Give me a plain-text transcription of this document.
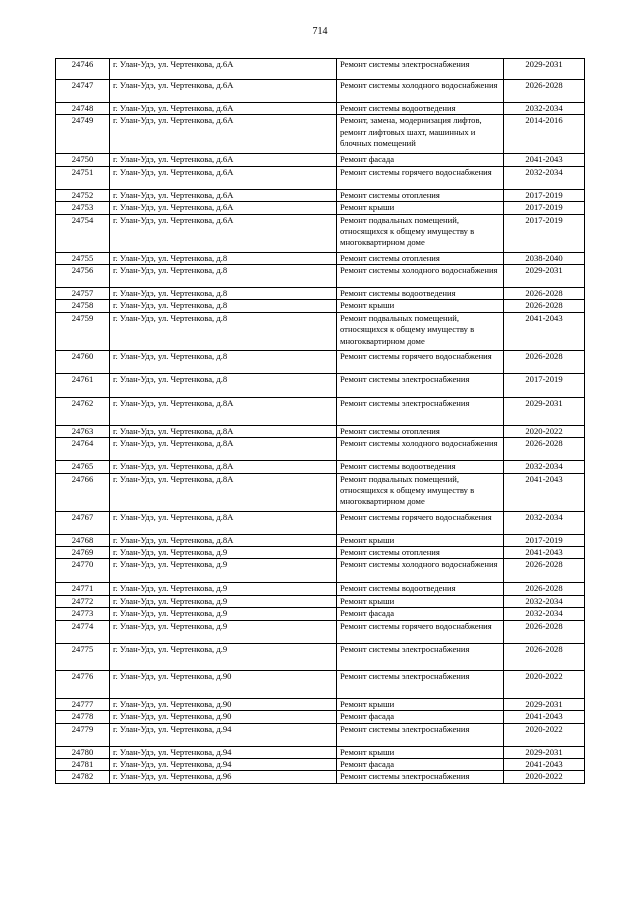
714
24746	г. Улан-Удэ, ул. Чертенкова, д.6А	Ремонт системы электроснабжения	2029-2031
24747	г. Улан-Удэ, ул. Чертенкова, д.6А	Ремонт системы холодного водоснабжения	2026-2028
24748	г. Улан-Удэ, ул. Чертенкова, д.6А	Ремонт системы водоотведения	2032-2034
24749	г. Улан-Удэ, ул. Чертенкова, д.6А	Ремонт, замена, модернизация лифтов, ремонт лифтовых шахт, машинных и блочных помещений	2014-2016
24750	г. Улан-Удэ, ул. Чертенкова, д.6А	Ремонт фасада	2041-2043
24751	г. Улан-Удэ, ул. Чертенкова, д.6А	Ремонт системы горячего водоснабжения	2032-2034
24752	г. Улан-Удэ, ул. Чертенкова, д.6А	Ремонт системы отопления	2017-2019
24753	г. Улан-Удэ, ул. Чертенкова, д.6А	Ремонт крыши	2017-2019
24754	г. Улан-Удэ, ул. Чертенкова, д.6А	Ремонт подвальных помещений, относящихся к общему имуществу в многоквартирном доме	2017-2019
24755	г. Улан-Удэ, ул. Чертенкова, д.8	Ремонт системы отопления	2038-2040
24756	г. Улан-Удэ, ул. Чертенкова, д.8	Ремонт системы холодного водоснабжения	2029-2031
24757	г. Улан-Удэ, ул. Чертенкова, д.8	Ремонт системы водоотведения	2026-2028
24758	г. Улан-Удэ, ул. Чертенкова, д.8	Ремонт крыши	2026-2028
24759	г. Улан-Удэ, ул. Чертенкова, д.8	Ремонт подвальных помещений, относящихся к общему имуществу в многоквартирном доме	2041-2043
24760	г. Улан-Удэ, ул. Чертенкова, д.8	Ремонт системы горячего водоснабжения	2026-2028
24761	г. Улан-Удэ, ул. Чертенкова, д.8	Ремонт системы электроснабжения	2017-2019
24762	г. Улан-Удэ, ул. Чертенкова, д.8А	Ремонт системы электроснабжения	2029-2031
24763	г. Улан-Удэ, ул. Чертенкова, д.8А	Ремонт системы отопления	2020-2022
24764	г. Улан-Удэ, ул. Чертенкова, д.8А	Ремонт системы холодного водоснабжения	2026-2028
24765	г. Улан-Удэ, ул. Чертенкова, д.8А	Ремонт системы водоотведения	2032-2034
24766	г. Улан-Удэ, ул. Чертенкова, д.8А	Ремонт подвальных помещений, относящихся к общему имуществу в многоквартирном доме	2041-2043
24767	г. Улан-Удэ, ул. Чертенкова, д.8А	Ремонт системы горячего водоснабжения	2032-2034
24768	г. Улан-Удэ, ул. Чертенкова, д.8А	Ремонт крыши	2017-2019
24769	г. Улан-Удэ, ул. Чертенкова, д.9	Ремонт системы отопления	2041-2043
24770	г. Улан-Удэ, ул. Чертенкова, д.9	Ремонт системы холодного водоснабжения	2026-2028
24771	г. Улан-Удэ, ул. Чертенкова, д.9	Ремонт системы водоотведения	2026-2028
24772	г. Улан-Удэ, ул. Чертенкова, д.9	Ремонт крыши	2032-2034
24773	г. Улан-Удэ, ул. Чертенкова, д.9	Ремонт фасада	2032-2034
24774	г. Улан-Удэ, ул. Чертенкова, д.9	Ремонт системы горячего водоснабжения	2026-2028
24775	г. Улан-Удэ, ул. Чертенкова, д.9	Ремонт системы электроснабжения	2026-2028
24776	г. Улан-Удэ, ул. Чертенкова, д.90	Ремонт системы электроснабжения	2020-2022
24777	г. Улан-Удэ, ул. Чертенкова, д.90	Ремонт крыши	2029-2031
24778	г. Улан-Удэ, ул. Чертенкова, д.90	Ремонт фасада	2041-2043
24779	г. Улан-Удэ, ул. Чертенкова, д.94	Ремонт системы электроснабжения	2020-2022
24780	г. Улан-Удэ, ул. Чертенкова, д.94	Ремонт крыши	2029-2031
24781	г. Улан-Удэ, ул. Чертенкова, д.94	Ремонт фасада	2041-2043
24782	г. Улан-Удэ, ул. Чертенкова, д.96	Ремонт системы электроснабжения	2020-2022
